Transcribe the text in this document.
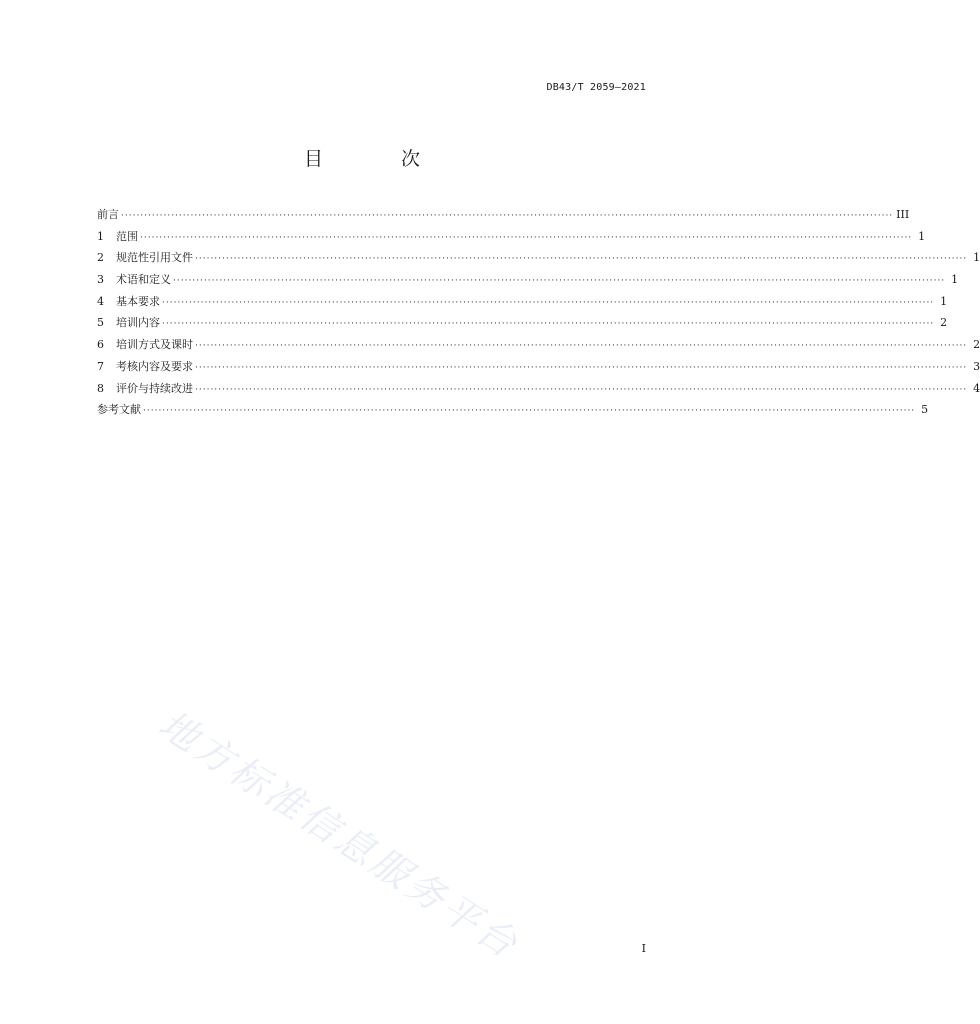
DB43/T 2059—2021
目 次
前言 ········································································································································································································ III
1	范围 ········································································································································································································ 1
2	规范性引用文件 ········································································································································································································ 1
3	术语和定义 ········································································································································································································ 1
4	基本要求 ········································································································································································································ 1
5	培训内容 ········································································································································································································ 2
6	培训方式及课时 ········································································································································································································ 2
7	考核内容及要求 ········································································································································································································ 3
8	评价与持续改进 ········································································································································································································ 4
参考文献 ········································································································································································································ 5
地方标准信息服务平台	I
